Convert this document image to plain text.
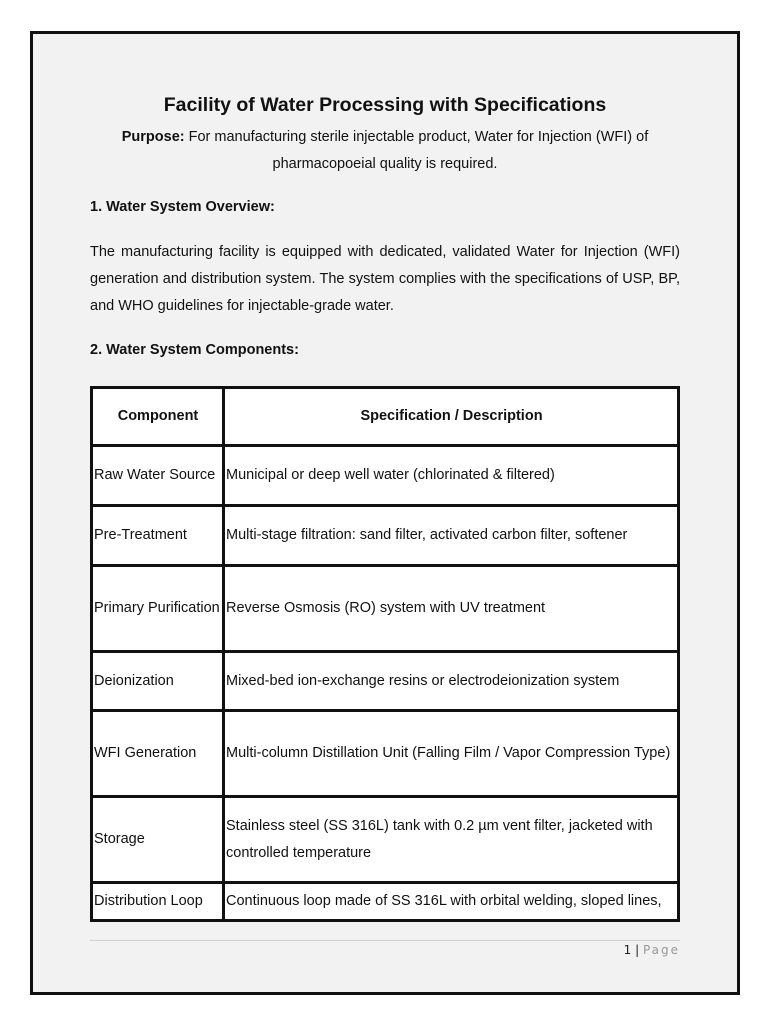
Facility of Water Processing with Specifications
Purpose: For manufacturing sterile injectable product, Water for Injection (WFI) of pharmacopoeial quality is required.
1. Water System Overview:
The manufacturing facility is equipped with dedicated, validated Water for Injection (WFI) generation and distribution system. The system complies with the specifications of USP, BP, and WHO guidelines for injectable-grade water.
2. Water System Components:
Component	Specification / Description
Raw Water Source	Municipal or deep well water (chlorinated & filtered)
Pre-Treatment	Multi-stage filtration: sand filter, activated carbon filter, softener
Primary Purification	Reverse Osmosis (RO) system with UV treatment
Deionization	Mixed-bed ion-exchange resins or electrodeionization system
WFI Generation	Multi-column Distillation Unit (Falling Film / Vapor Compression Type)
Storage	Stainless steel (SS 316L) tank with 0.2 µm vent filter, jacketed with controlled temperature
Distribution Loop	Continuous loop made of SS 316L with orbital welding, sloped lines,
1 | Page
